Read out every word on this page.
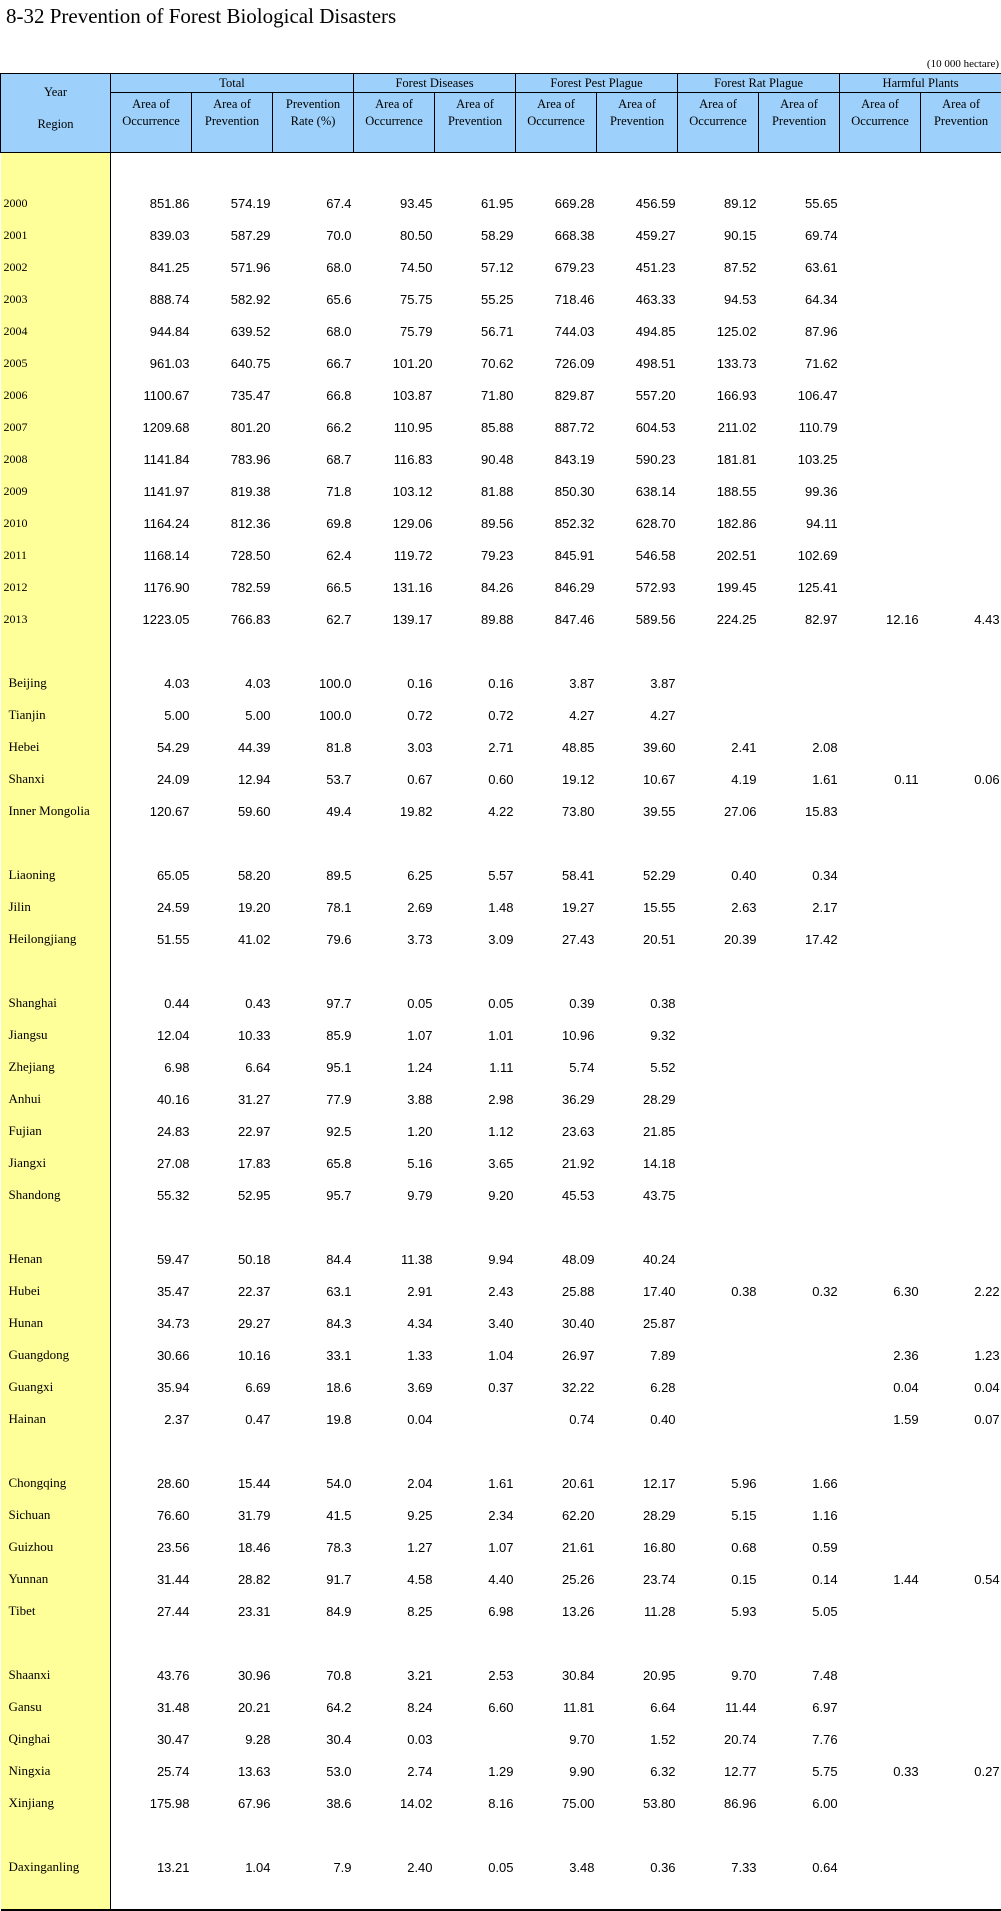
8-32 Prevention of Forest Biological Disasters
(10 000 hectare)
Year
Region	Total			Forest Diseases		Forest Pest Plague		Forest Rat Plague		Harmful Plants	
	Area of Occurrence	Area of Prevention	Prevention Rate (%)	Area of Occurrence	Area of Prevention	Area of Occurrence	Area of Prevention	Area of Occurrence	Area of Prevention	Area of Occurrence	Area of Prevention

2000	851.86	574.19	67.4	93.45	61.95	669.28	456.59	89.12	55.65		
2001	839.03	587.29	70.0	80.50	58.29	668.38	459.27	90.15	69.74		
2002	841.25	571.96	68.0	74.50	57.12	679.23	451.23	87.52	63.61		
2003	888.74	582.92	65.6	75.75	55.25	718.46	463.33	94.53	64.34		
2004	944.84	639.52	68.0	75.79	56.71	744.03	494.85	125.02	87.96		
2005	961.03	640.75	66.7	101.20	70.62	726.09	498.51	133.73	71.62		
2006	1100.67	735.47	66.8	103.87	71.80	829.87	557.20	166.93	106.47		
2007	1209.68	801.20	66.2	110.95	85.88	887.72	604.53	211.02	110.79		
2008	1141.84	783.96	68.7	116.83	90.48	843.19	590.23	181.81	103.25		
2009	1141.97	819.38	71.8	103.12	81.88	850.30	638.14	188.55	99.36		
2010	1164.24	812.36	69.8	129.06	89.56	852.32	628.70	182.86	94.11		
2011	1168.14	728.50	62.4	119.72	79.23	845.91	546.58	202.51	102.69		
2012	1176.90	782.59	66.5	131.16	84.26	846.29	572.93	199.45	125.41		
2013	1223.05	766.83	62.7	139.17	89.88	847.46	589.56	224.25	82.97	12.16	4.43

Beijing	4.03	4.03	100.0	0.16	0.16	3.87	3.87				
Tianjin	5.00	5.00	100.0	0.72	0.72	4.27	4.27				
Hebei	54.29	44.39	81.8	3.03	2.71	48.85	39.60	2.41	2.08		
Shanxi	24.09	12.94	53.7	0.67	0.60	19.12	10.67	4.19	1.61	0.11	0.06
Inner Mongolia	120.67	59.60	49.4	19.82	4.22	73.80	39.55	27.06	15.83		

Liaoning	65.05	58.20	89.5	6.25	5.57	58.41	52.29	0.40	0.34		
Jilin	24.59	19.20	78.1	2.69	1.48	19.27	15.55	2.63	2.17		
Heilongjiang	51.55	41.02	79.6	3.73	3.09	27.43	20.51	20.39	17.42		

Shanghai	0.44	0.43	97.7	0.05	0.05	0.39	0.38				
Jiangsu	12.04	10.33	85.9	1.07	1.01	10.96	9.32				
Zhejiang	6.98	6.64	95.1	1.24	1.11	5.74	5.52				
Anhui	40.16	31.27	77.9	3.88	2.98	36.29	28.29				
Fujian	24.83	22.97	92.5	1.20	1.12	23.63	21.85				
Jiangxi	27.08	17.83	65.8	5.16	3.65	21.92	14.18				
Shandong	55.32	52.95	95.7	9.79	9.20	45.53	43.75				

Henan	59.47	50.18	84.4	11.38	9.94	48.09	40.24				
Hubei	35.47	22.37	63.1	2.91	2.43	25.88	17.40	0.38	0.32	6.30	2.22
Hunan	34.73	29.27	84.3	4.34	3.40	30.40	25.87				
Guangdong	30.66	10.16	33.1	1.33	1.04	26.97	7.89			2.36	1.23
Guangxi	35.94	6.69	18.6	3.69	0.37	32.22	6.28			0.04	0.04
Hainan	2.37	0.47	19.8	0.04		0.74	0.40			1.59	0.07

Chongqing	28.60	15.44	54.0	2.04	1.61	20.61	12.17	5.96	1.66		
Sichuan	76.60	31.79	41.5	9.25	2.34	62.20	28.29	5.15	1.16		
Guizhou	23.56	18.46	78.3	1.27	1.07	21.61	16.80	0.68	0.59		
Yunnan	31.44	28.82	91.7	4.58	4.40	25.26	23.74	0.15	0.14	1.44	0.54
Tibet	27.44	23.31	84.9	8.25	6.98	13.26	11.28	5.93	5.05		

Shaanxi	43.76	30.96	70.8	3.21	2.53	30.84	20.95	9.70	7.48		
Gansu	31.48	20.21	64.2	8.24	6.60	11.81	6.64	11.44	6.97		
Qinghai	30.47	9.28	30.4	0.03		9.70	1.52	20.74	7.76		
Ningxia	25.74	13.63	53.0	2.74	1.29	9.90	6.32	12.77	5.75	0.33	0.27
Xinjiang	175.98	67.96	38.6	14.02	8.16	75.00	53.80	86.96	6.00		

Daxinganling	13.21	1.04	7.9	2.40	0.05	3.48	0.36	7.33	0.64		
